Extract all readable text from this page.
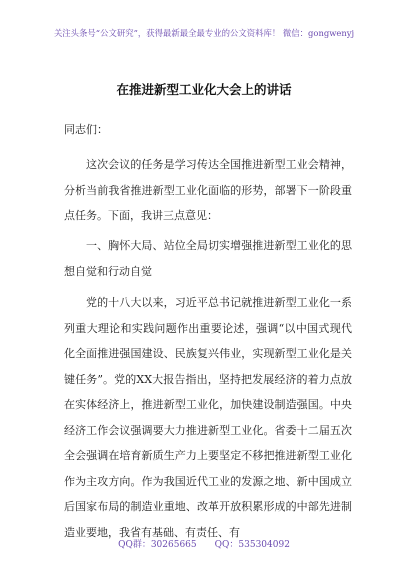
关注头条号“公文研究”，获得最新最全最专业的公文资料库！ 微信：gongwenyj
在推进新型工业化大会上的讲话
同志们：

这次会议的任务是学习传达全国推进新型工业会精神，分析当前我省推进新型工业化面临的形势，部署下一阶段重点任务。下面，我讲三点意见：

一、胸怀大局、站位全局切实增强推进新型工业化的思想自觉和行动自觉

党的十八大以来，习近平总书记就推进新型工业化一系列重大理论和实践问题作出重要论述，强调“以中国式现代化全面推进强国建设、民族复兴伟业，实现新型工业化是关键任务”。党的XX大报告指出，坚持把发展经济的着力点放在实体经济上，推进新型工业化，加快建设制造强国。中央经济工作会议强调要大力推进新型工业化。省委十二届五次全会强调在培育新质生产力上要坚定不移把推进新型工业化作为主攻方向。作为我国近代工业的发源之地、新中国成立后国家布局的制造业重地、改革开放积累形成的中部先进制造业要地，我省有基础、有责任、有

QQ群：30265665 QQ：535304092
